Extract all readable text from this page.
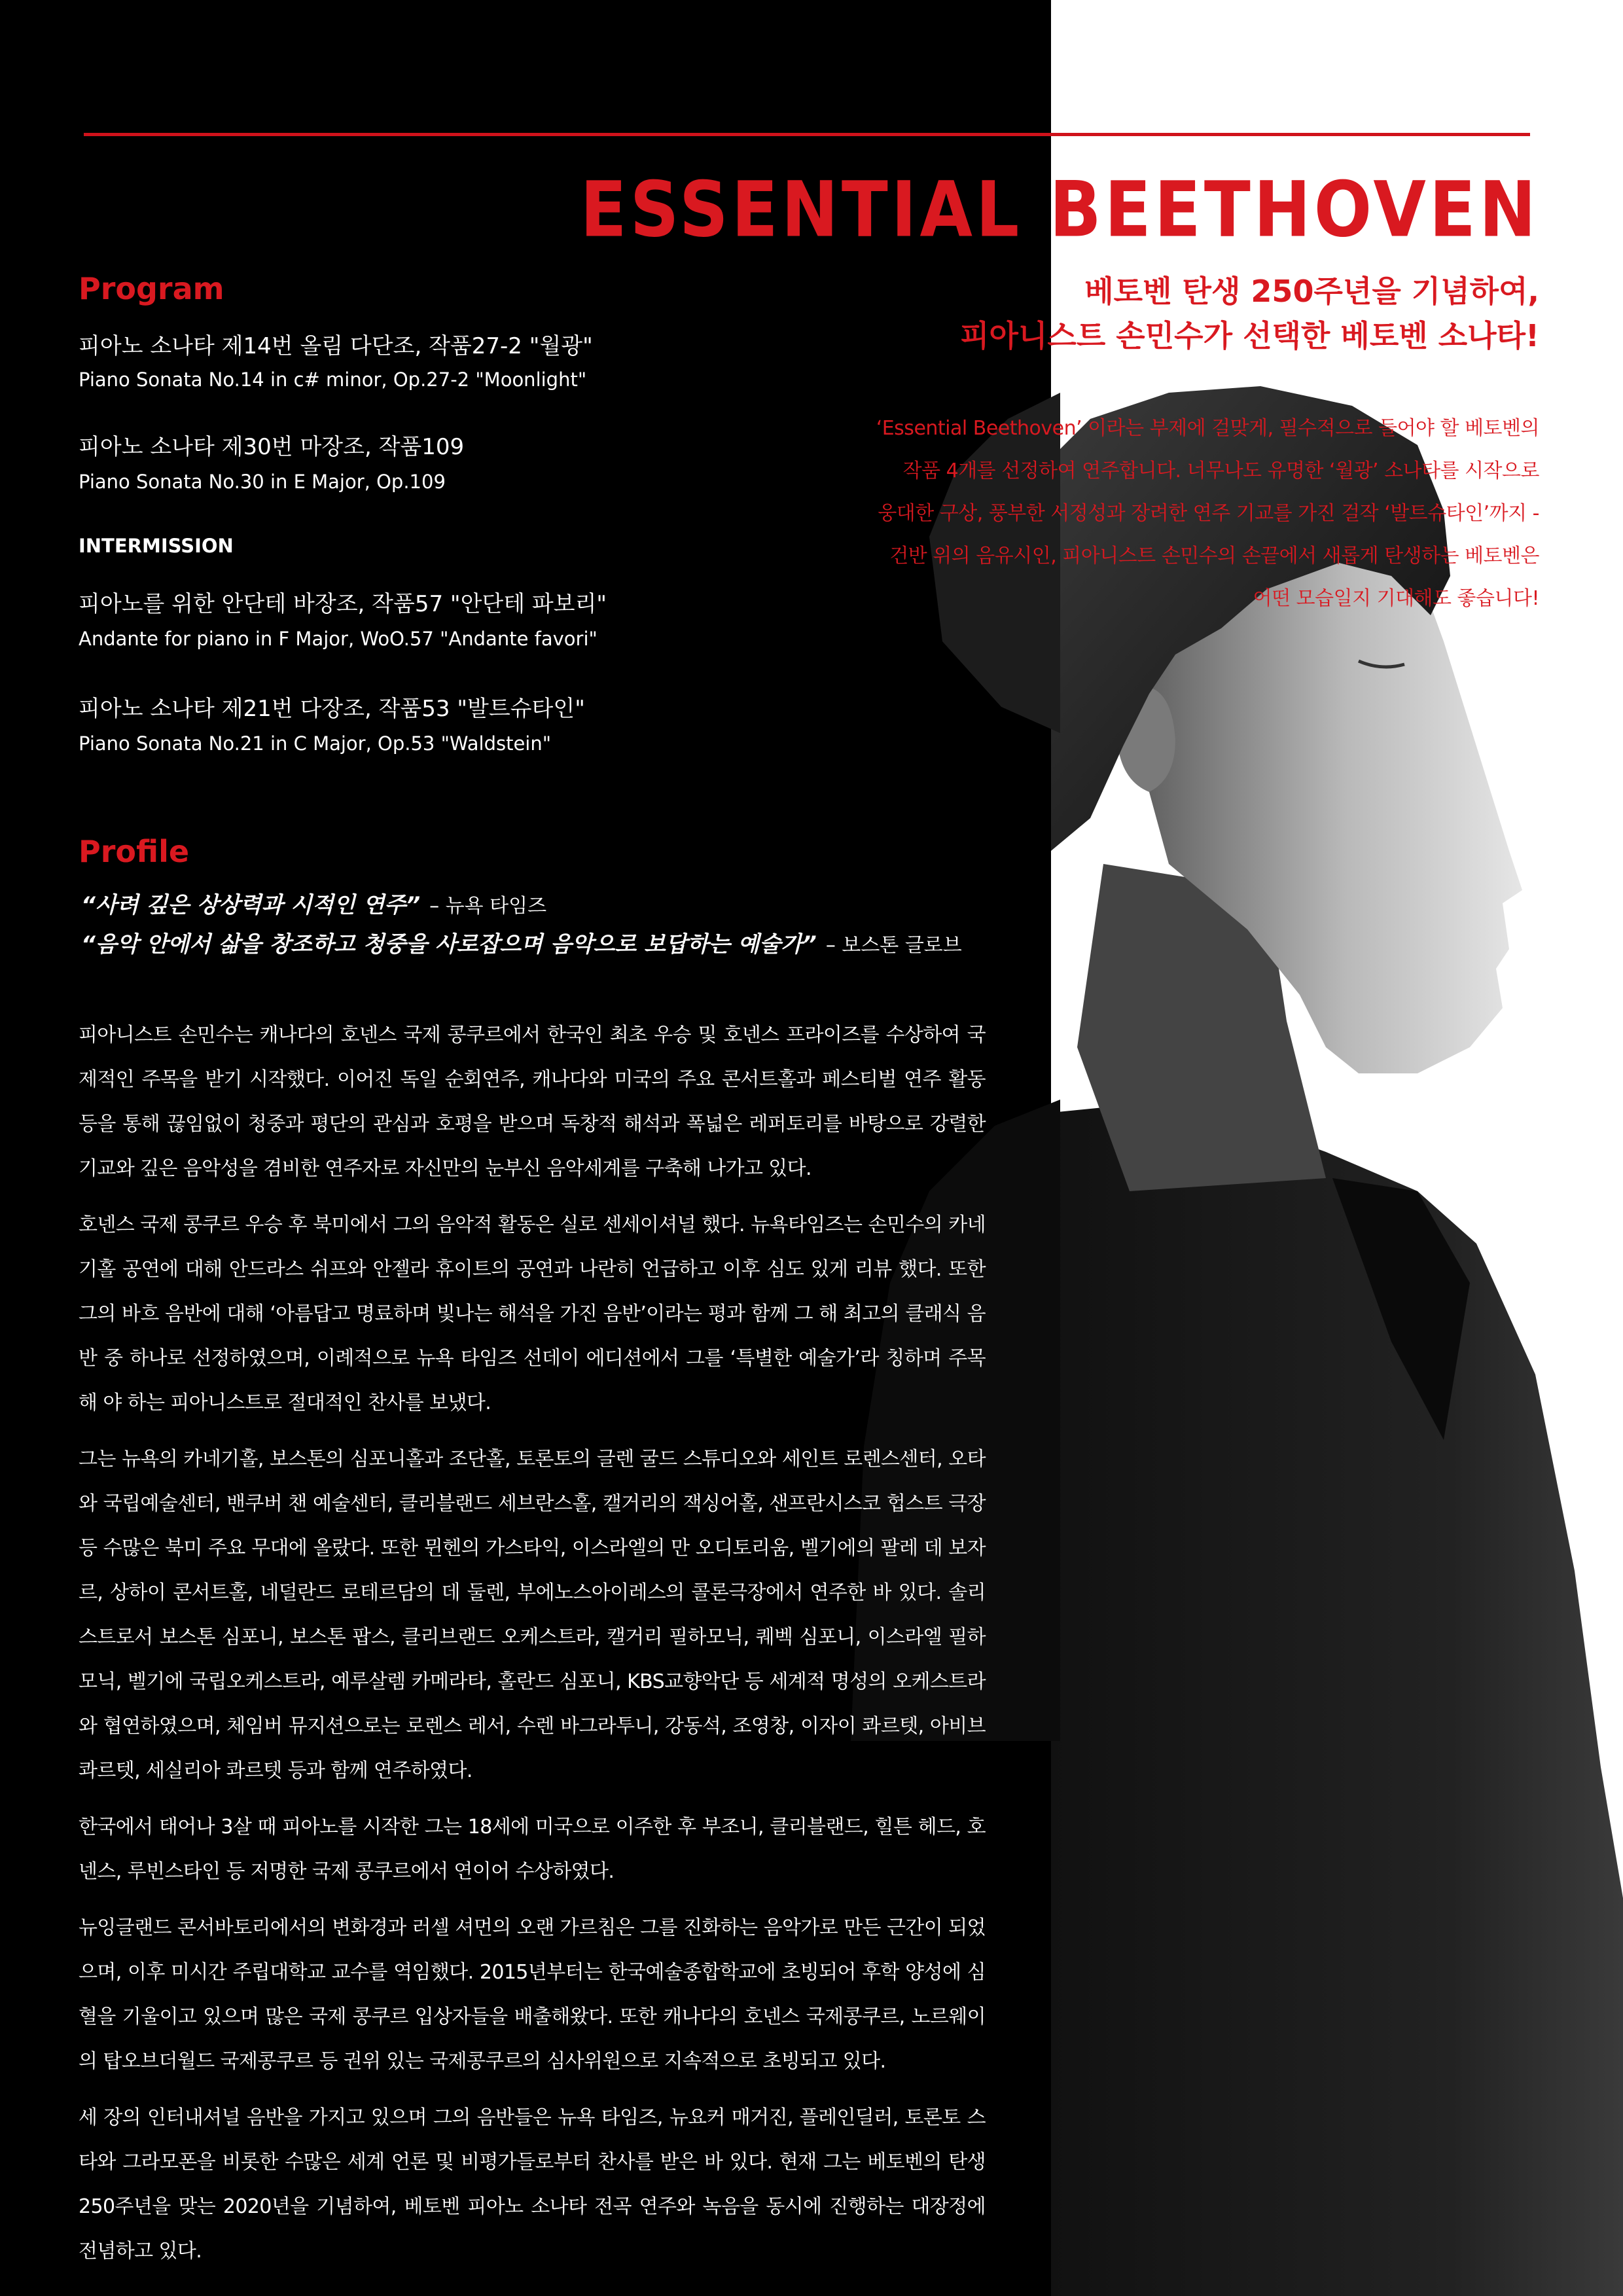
ESSENTIAL BEETHOVEN

베토벤 탄생 250주년을 기념하여,

피아니스트 손민수가 선택한 베토벤 소나타!

‘Essential Beethoven’ 이라는 부제에 걸맞게, 필수적으로 들어야 할 베토벤의

작품 4개를 선정하여 연주합니다. 너무나도 유명한 ‘월광’ 소나타를 시작으로

웅대한 구상, 풍부한 서정성과 장려한 연주 기교를 가진 걸작 ‘발트슈타인’까지 -

건반 위의 음유시인, 피아니스트 손민수의 손끝에서 새롭게 탄생하는 베토벤은

어떤 모습일지 기대해도 좋습니다!

Program

피아노 소나타 제14번 올림 다단조, 작품27-2 "월광"

Piano Sonata No.14 in c# minor, Op.27-2 "Moonlight"

피아노 소나타 제30번 마장조, 작품109

Piano Sonata No.30 in E Major, Op.109

INTERMISSION

피아노를 위한 안단테 바장조, 작품57 "안단테 파보리"

Andante for piano in F Major, WoO.57 "Andante favori"

피아노 소나타 제21번 다장조, 작품53 "발트슈타인"

Piano Sonata No.21 in C Major, Op.53 "Waldstein"

Profile

“사려 깊은 상상력과 시적인 연주” – 뉴욕 타임즈

“음악 안에서 삶을 창조하고 청중을 사로잡으며 음악으로 보답하는 예술가” – 보스톤 글로브

피아니스트 손민수는 캐나다의 호넨스 국제 콩쿠르에서 한국인 최초 우승 및 호넨스 프라이즈를 수상하여 국제적인 주목을 받기 시작했다. 이어진 독일 순회연주, 캐나다와 미국의 주요 콘서트홀과 페스티벌 연주 활동 등을 통해 끊임없이 청중과 평단의 관심과 호평을 받으며 독창적 해석과 폭넓은 레퍼토리를 바탕으로 강렬한 기교와 깊은 음악성을 겸비한 연주자로 자신만의 눈부신 음악세계를 구축해 나가고 있다.

호넨스 국제 콩쿠르 우승 후 북미에서 그의 음악적 활동은 실로 센세이셔널 했다. 뉴욕타임즈는 손민수의 카네기홀 공연에 대해 안드라스 쉬프와 안젤라 휴이트의 공연과 나란히 언급하고 이후 심도 있게 리뷰 했다. 또한 그의 바흐 음반에 대해 ‘아름답고 명료하며 빛나는 해석을 가진 음반’이라는 평과 함께 그 해 최고의 클래식 음반 중 하나로 선정하였으며, 이례적으로 뉴욕 타임즈 선데이 에디션에서 그를 ‘특별한 예술가’라 칭하며 주목해 야 하는 피아니스트로 절대적인 찬사를 보냈다.

그는 뉴욕의 카네기홀, 보스톤의 심포니홀과 조단홀, 토론토의 글렌 굴드 스튜디오와 세인트 로렌스센터, 오타와 국립예술센터, 밴쿠버 챈 예술센터, 클리블랜드 세브란스홀, 캘거리의 잭싱어홀, 샌프란시스코 헙스트 극장 등 수많은 북미 주요 무대에 올랐다. 또한 뮌헨의 가스타익, 이스라엘의 만 오디토리움, 벨기에의 팔레 데 보자르, 상하이 콘서트홀, 네덜란드 로테르담의 데 둘렌, 부에노스아이레스의 콜론극장에서 연주한 바 있다. 솔리스트로서 보스톤 심포니, 보스톤 팝스, 클리브랜드 오케스트라, 캘거리 필하모닉, 퀘벡 심포니, 이스라엘 필하모닉, 벨기에 국립오케스트라, 예루살렘 카메라타, 홀란드 심포니, KBS교향악단 등 세계적 명성의 오케스트라와 협연하였으며, 체임버 뮤지션으로는 로렌스 레서, 수렌 바그라투니, 강동석, 조영창, 이자이 콰르텟, 아비브 콰르텟, 세실리아 콰르텟 등과 함께 연주하였다.

한국에서 태어나 3살 때 피아노를 시작한 그는 18세에 미국으로 이주한 후 부조니, 클리블랜드, 힐튼 헤드, 호넨스, 루빈스타인 등 저명한 국제 콩쿠르에서 연이어 수상하였다.

뉴잉글랜드 콘서바토리에서의 변화경과 러셀 셔먼의 오랜 가르침은 그를 진화하는 음악가로 만든 근간이 되었으며, 이후 미시간 주립대학교 교수를 역임했다. 2015년부터는 한국예술종합학교에 초빙되어 후학 양성에 심혈을 기울이고 있으며 많은 국제 콩쿠르 입상자들을 배출해왔다. 또한 캐나다의 호넨스 국제콩쿠르, 노르웨이의 탑오브더월드 국제콩쿠르 등 권위 있는 국제콩쿠르의 심사위원으로 지속적으로 초빙되고 있다.

세 장의 인터내셔널 음반을 가지고 있으며 그의 음반들은 뉴욕 타임즈, 뉴요커 매거진, 플레인딜러, 토론토 스타와 그라모폰을 비롯한 수많은 세계 언론 및 비평가들로부터 찬사를 받은 바 있다. 현재 그는 베토벤의 탄생 250주년을 맞는 2020년을 기념하여, 베토벤 피아노 소나타 전곡 연주와 녹음을 동시에 진행하는 대장정에 전념하고 있다.
